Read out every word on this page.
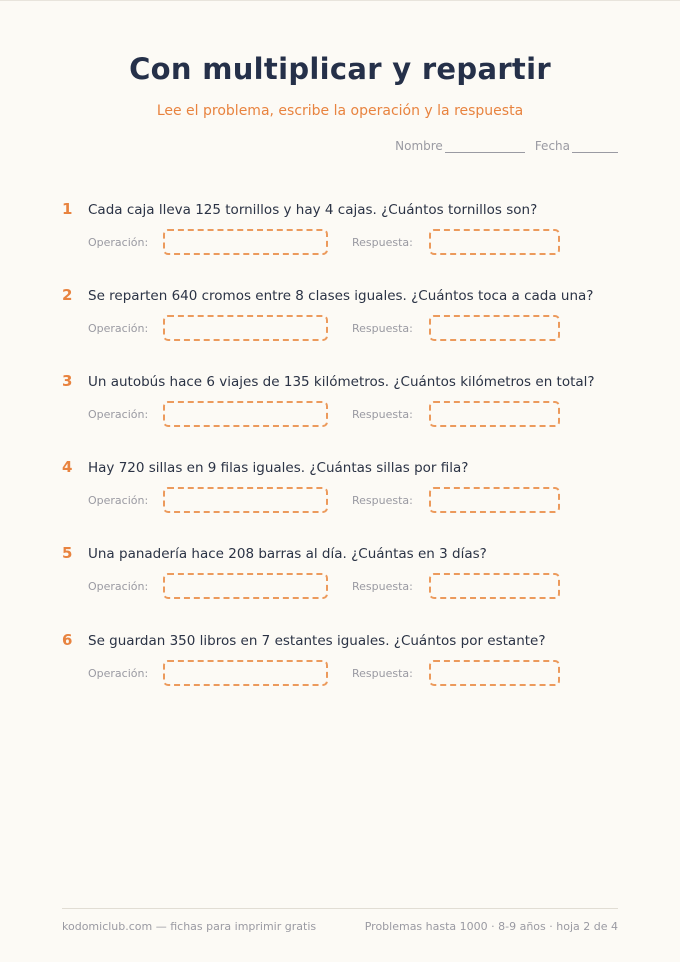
Con multiplicar y repartir
Lee el problema, escribe la operación y la respuesta
Nombre	Fecha
1	Cada caja lleva 125 tornillos y hay 4 cajas. ¿Cuántos tornillos son?
Operación:	Respuesta:
2	Se reparten 640 cromos entre 8 clases iguales. ¿Cuántos toca a cada una?
Operación:	Respuesta:
3	Un autobús hace 6 viajes de 135 kilómetros. ¿Cuántos kilómetros en total?
Operación:	Respuesta:
4	Hay 720 sillas en 9 filas iguales. ¿Cuántas sillas por fila?
Operación:	Respuesta:
5	Una panadería hace 208 barras al día. ¿Cuántas en 3 días?
Operación:	Respuesta:
6	Se guardan 350 libros en 7 estantes iguales. ¿Cuántos por estante?
Operación:	Respuesta:
kodomiclub.com — fichas para imprimir gratis	Problemas hasta 1000 · 8-9 años · hoja 2 de 4
